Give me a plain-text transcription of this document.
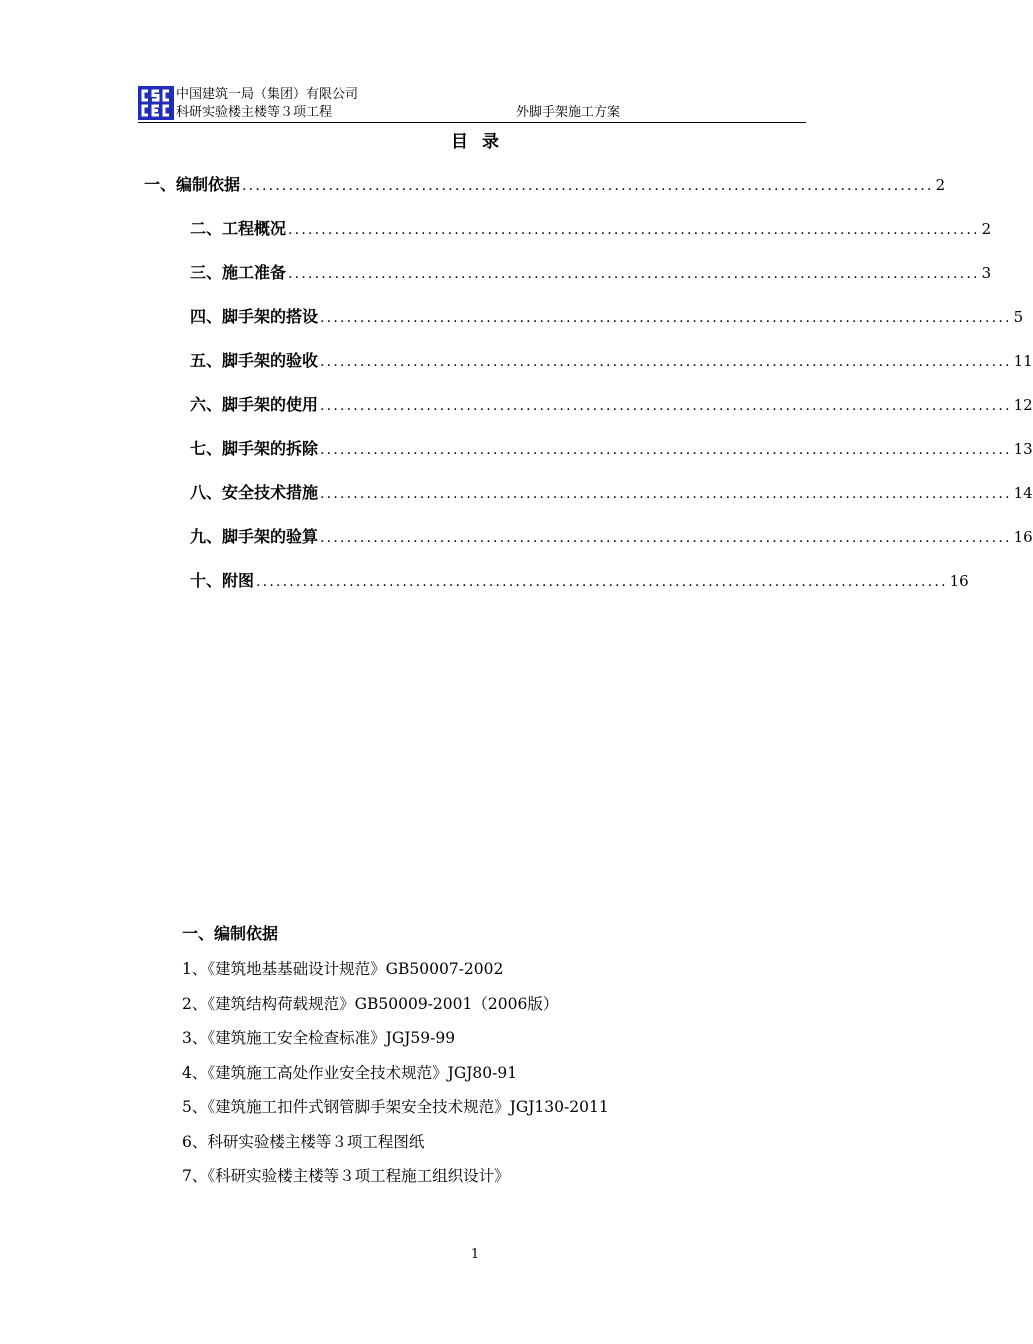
中国建筑一局（集团）有限公司
科研实验楼主楼等３项工程	外脚手架施工方案
目录
一、编制依据 ........................................................................................................ 2
二、工程概况 ........................................................................................................ 2
三、施工准备 ........................................................................................................ 3
四、脚手架的搭设 ........................................................................................................ 5
五、脚手架的验收 ........................................................................................................ 11
六、脚手架的使用 ........................................................................................................ 12
七、脚手架的拆除 ........................................................................................................ 13
八、安全技术措施 ........................................................................................................ 14
九、脚手架的验算 ........................................................................................................ 16
十、附图 ........................................................................................................ 16
一、编制依据
1、《建筑地基基础设计规范》GB50007-2002
2、《建筑结构荷载规范》GB50009-2001（2006版）
3、《建筑施工安全检查标准》JGJ59-99
4、《建筑施工高处作业安全技术规范》JGJ80-91
5、《建筑施工扣件式钢管脚手架安全技术规范》JGJ130-2011
6、科研实验楼主楼等３项工程图纸
7、《科研实验楼主楼等３项工程施工组织设计》
1
